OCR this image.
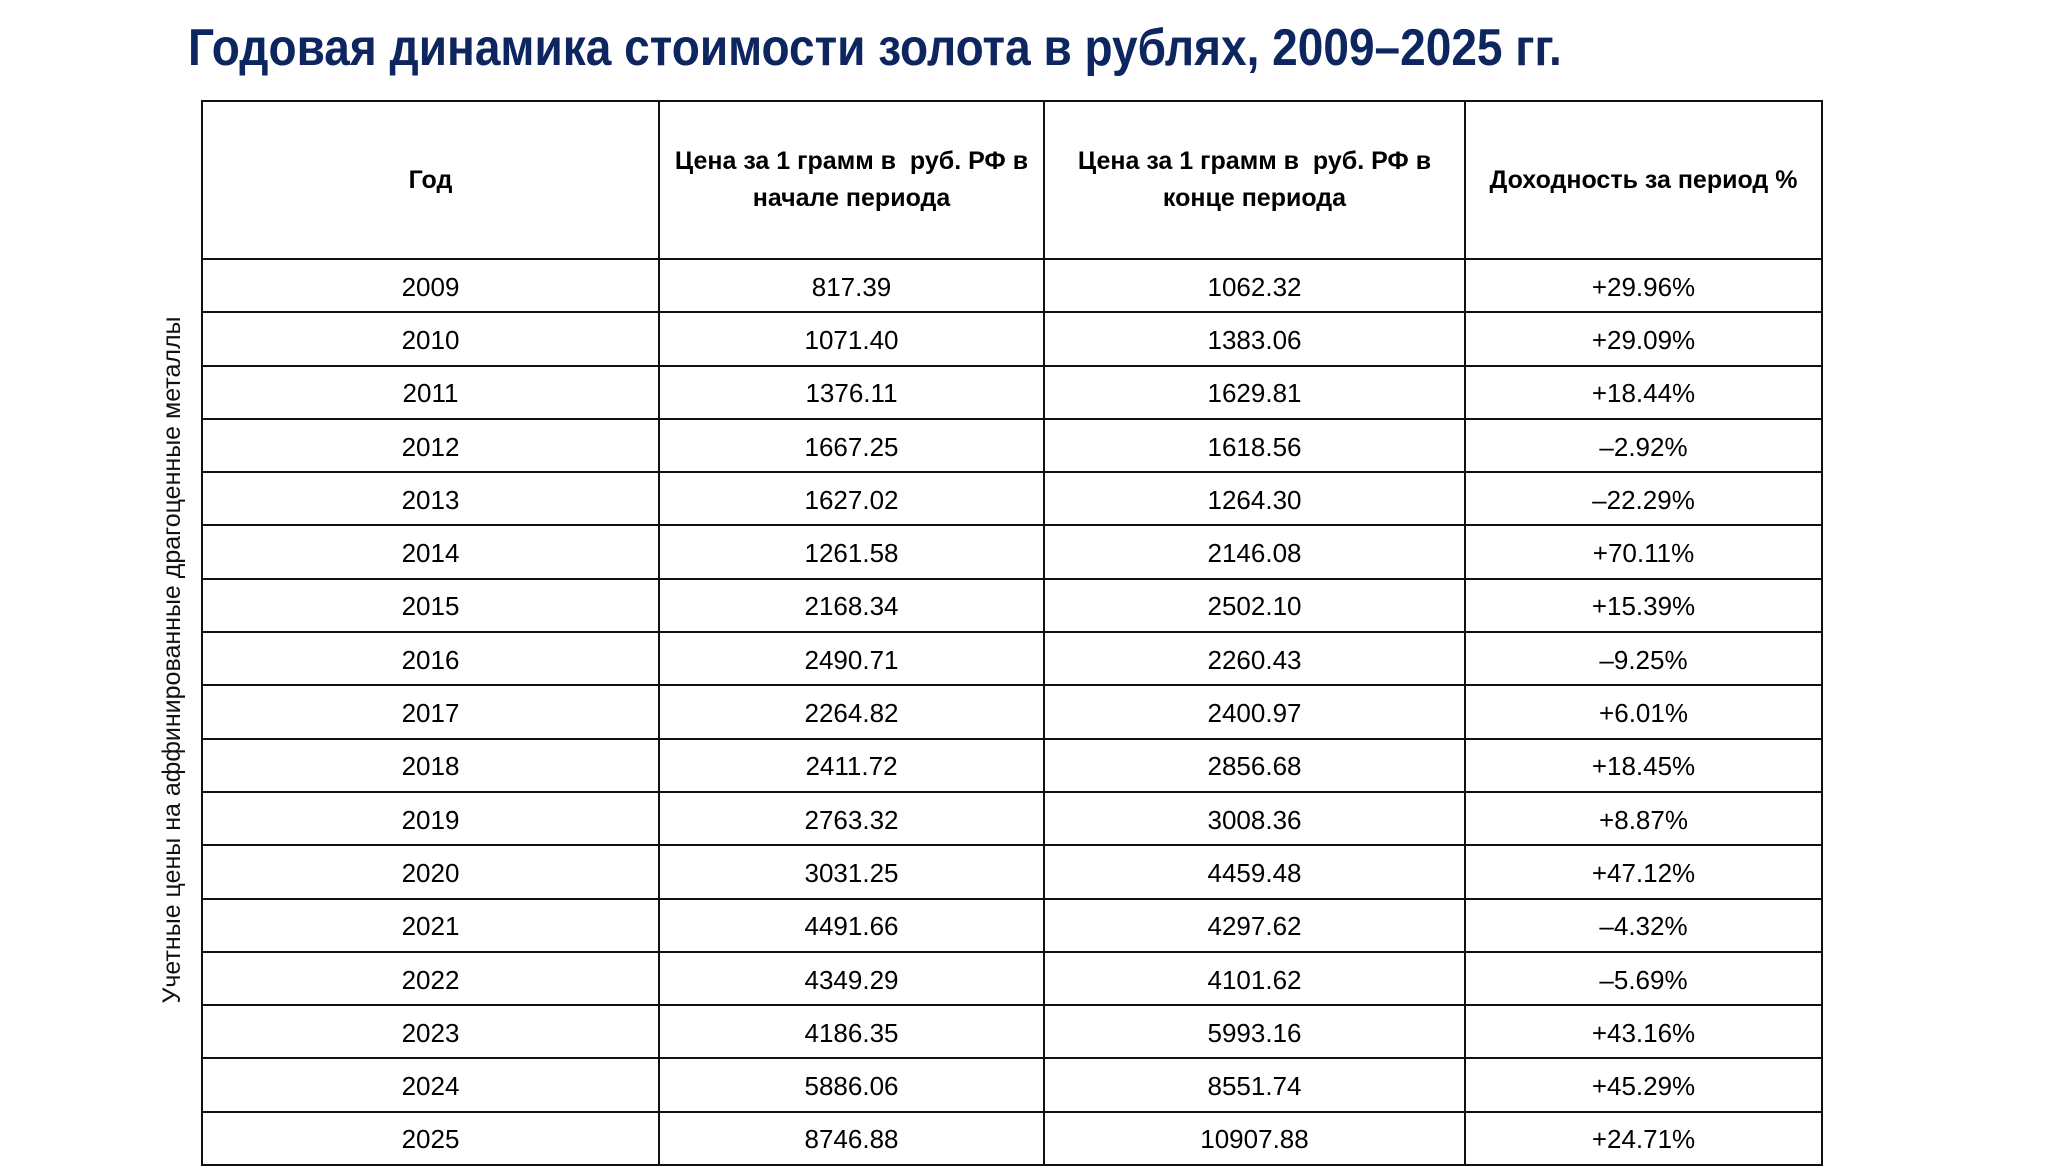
Годовая динамика стоимости золота в рублях, 2009–2025 гг.
Учетные цены на аффинированные драгоценные металлы
Год	Цена за 1 грамм в  руб. РФ в начале периода	Цена за 1 грамм в  руб. РФ в конце периода	Доходность за период %
2009	817.39	1062.32	+29.96%
2010	1071.40	1383.06	+29.09%
2011	1376.11	1629.81	+18.44%
2012	1667.25	1618.56	–2.92%
2013	1627.02	1264.30	–22.29%
2014	1261.58	2146.08	+70.11%
2015	2168.34	2502.10	+15.39%
2016	2490.71	2260.43	–9.25%
2017	2264.82	2400.97	+6.01%
2018	2411.72	2856.68	+18.45%
2019	2763.32	3008.36	+8.87%
2020	3031.25	4459.48	+47.12%
2021	4491.66	4297.62	–4.32%
2022	4349.29	4101.62	–5.69%
2023	4186.35	5993.16	+43.16%
2024	5886.06	8551.74	+45.29%
2025	8746.88	10907.88	+24.71%
